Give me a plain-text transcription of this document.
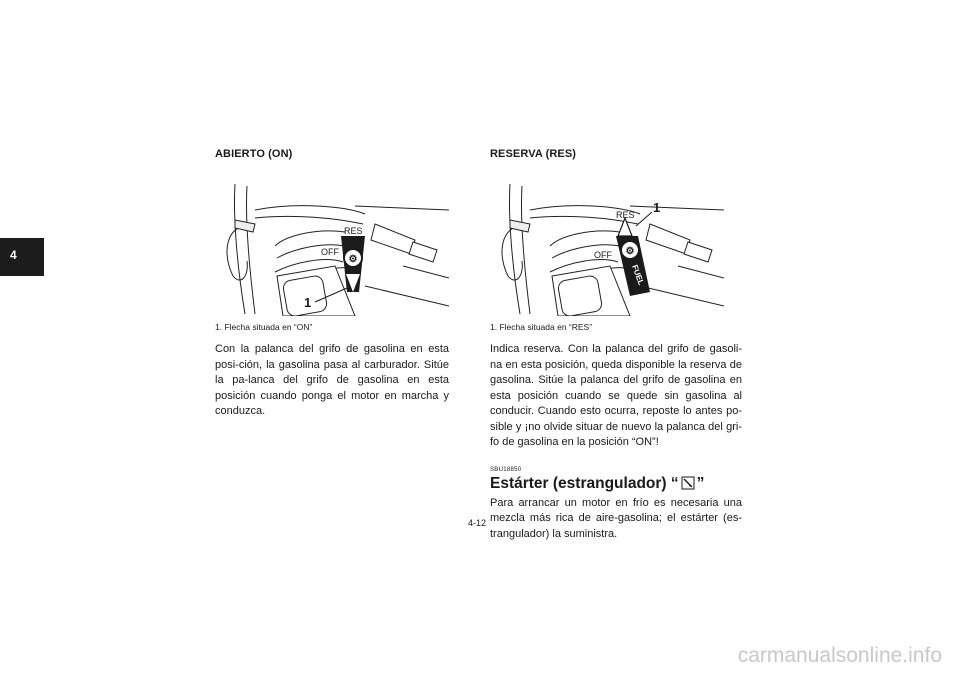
4
ABIERTO (ON)
⚙
RES
OFF	FUEL
1
1. Flecha situada en “ON”
Con la palanca del grifo de gasolina en esta posi-ción, la gasolina pasa al carburador. Sitúe la pa-lanca del grifo de gasolina en esta posición cuando ponga el motor en marcha y conduzca.
RESERVA (RES)
⚙
RES
OFF
FUEL
1
1. Flecha situada en “RES”
Indica reserva. Con la palanca del grifo de gasoli-na en esta posición, queda disponible la reserva de gasolina. Sitúe la palanca del grifo de gasolina en esta posición cuando se quede sin gasolina al conducir. Cuando esto ocurra, reposte lo antes po-sible y ¡no olvide situar de nuevo la palanca del gri-fo de gasolina en la posición “ON”!
SBU18850
Estárter (estrangulador) “ ”
Para arrancar un motor en frío es necesaria una mezcla más rica de aire-gasolina; el estárter (es-trangulador) la suministra.
4-12
carmanualsonline.info
